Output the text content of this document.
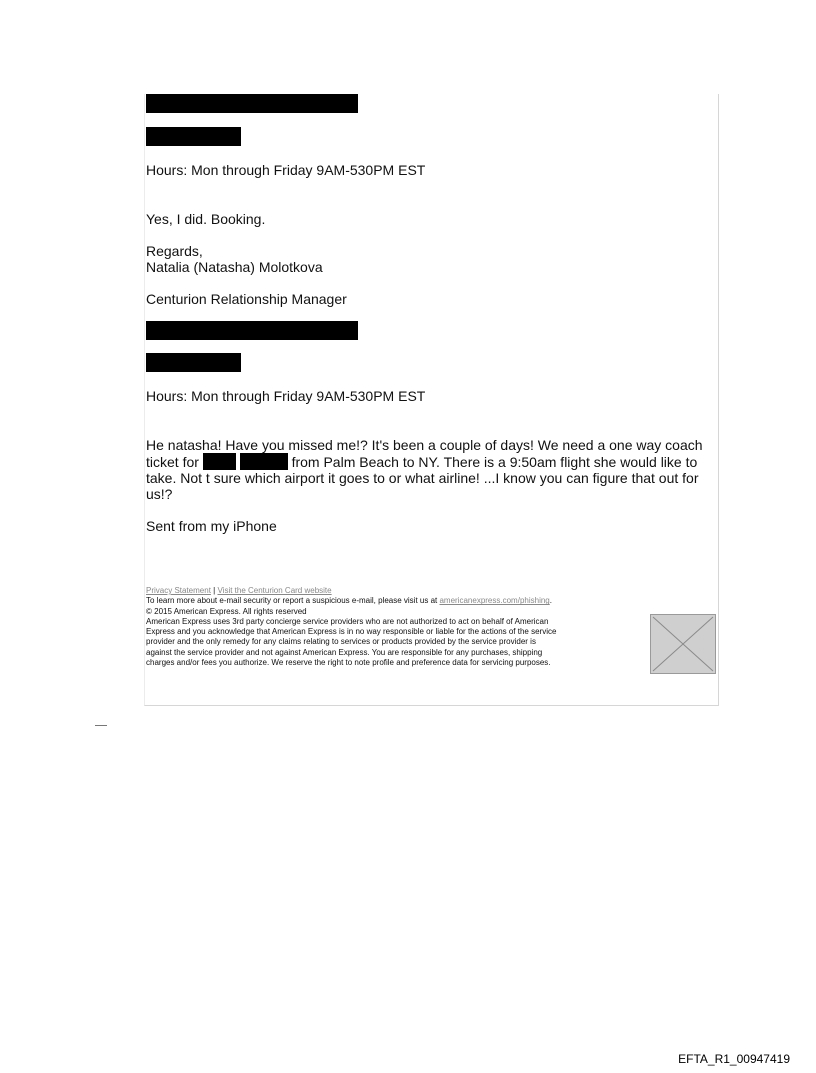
Hours: Mon through Friday 9AM-530PM EST
Yes, I did. Booking.
Regards,
Natalia (Natasha) Molotkova
Centurion Relationship Manager
Hours: Mon through Friday 9AM-530PM EST
He natasha! Have you missed me!? It's been a couple of days! We need a one way coach ticket for	from Palm Beach to NY. There is a 9:50am flight she would like to take. Not t sure which airport it goes to or what airline! ...I know you can figure that out for us!?
Sent from my iPhone
Privacy Statement | Visit the Centurion Card website
To learn more about e-mail security or report a suspicious e-mail, please visit us at americanexpress.com/phishing.
© 2015 American Express. All rights reserved
American Express uses 3rd party concierge service providers who are not authorized to act on behalf of American
Express and you acknowledge that American Express is in no way responsible or liable for the actions of the service
provider and the only remedy for any claims relating to services or products provided by the service provider is
against the service provider and not against American Express. You are responsible for any purchases, shipping
charges and/or fees you authorize. We reserve the right to note profile and preference data for servicing purposes.
EFTA_R1_00947419
